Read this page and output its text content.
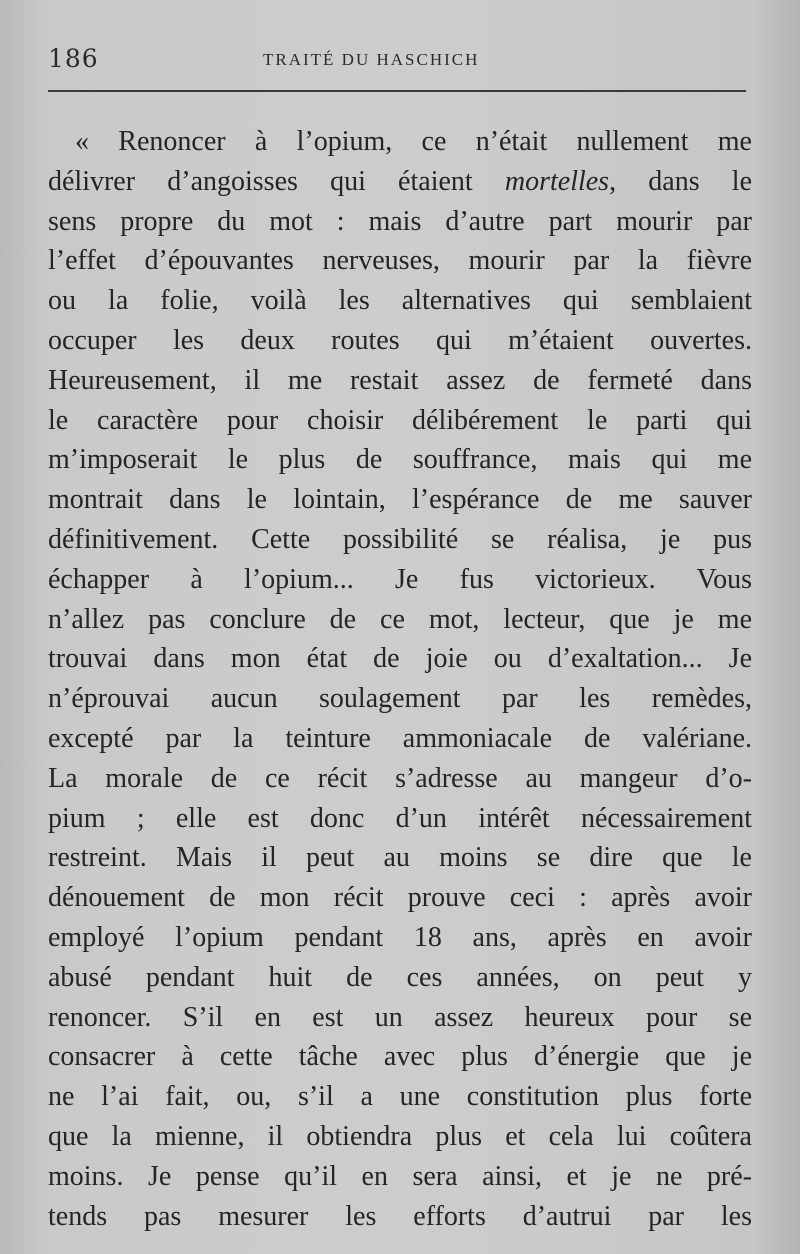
186	TRAITÉ DU HASCHICH
« Renoncer à l’opium, ce n’était nullement me
délivrer d’angoisses qui étaient mortelles, dans le
sens propre du mot : mais d’autre part mourir par
l’effet d’épouvantes nerveuses, mourir par la fièvre
ou la folie, voilà les alternatives qui semblaient
occuper les deux routes qui m’étaient ouvertes.
Heureusement, il me restait assez de fermeté dans
le caractère pour choisir délibérement le parti qui
m’imposerait le plus de souffrance, mais qui me
montrait dans le lointain, l’espérance de me sauver
définitivement. Cette possibilité se réalisa, je pus
échapper à l’opium... Je fus victorieux. Vous
n’allez pas conclure de ce mot, lecteur, que je me
trouvai dans mon état de joie ou d’exaltation... Je
n’éprouvai aucun soulagement par les remèdes,
excepté par la teinture ammoniacale de valériane.
La morale de ce récit s’adresse au mangeur d’o-
pium ; elle est donc d’un intérêt nécessairement
restreint. Mais il peut au moins se dire que le
dénouement de mon récit prouve ceci : après avoir
employé l’opium pendant 18 ans, après en avoir
abusé pendant huit de ces années, on peut y
renoncer. S’il en est un assez heureux pour se
consacrer à cette tâche avec plus d’énergie que je
ne l’ai fait, ou, s’il a une constitution plus forte
que la mienne, il obtiendra plus et cela lui coûtera
moins. Je pense qu’il en sera ainsi, et je ne pré-
tends pas mesurer les efforts d’autrui par les
